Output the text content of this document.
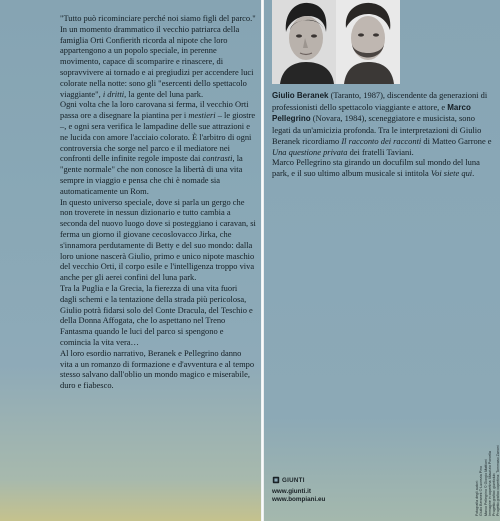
"Tutto può ricominciare perché noi siamo figli del parco." In un momento drammatico il vecchio patriarca della famiglia Orti Confierith ricorda al nipote che loro appartengono a un popolo speciale, in perenne movimento, capace di scomparire e rinascere, di sopravvivere ai tornado e ai pregiudizi per accendere luci colorate nella notte: sono gli "esercenti dello spettacolo viaggiante", i dritti, la gente del luna park.

Ogni volta che la loro carovana si ferma, il vecchio Orti passa ore a disegnare la piantina per i mestieri – le giostre –, e ogni sera verifica le lampadine delle sue attrazioni e ne lucida con amore l'acciaio colorato. È l'arbitro di ogni controversia che sorge nel parco e il mediatore nei confronti delle infinite regole imposte dai contrasti, la "gente normale" che non conosce la libertà di una vita sempre in viaggio e pensa che chi è nomade sia automaticamente un Rom.

In questo universo speciale, dove si parla un gergo che non troverete in nessun dizionario e tutto cambia a seconda del nuovo luogo dove si posteggiano i caravan, si ferma un giorno il giovane cecoslovacco Jirka, che s'innamora perdutamente di Betty e del suo mondo: dalla loro unione nascerà Giulio, primo e unico nipote maschio del vecchio Orti, il corpo esile e l'intelligenza troppo viva anche per gli aerei confini del luna park.

Tra la Puglia e la Grecia, la fierezza di una vita fuori dagli schemi e la tentazione della strada più pericolosa, Giulio potrà fidarsi solo del Conte Dracula, del Teschio e della Donna Affogata, che lo aspettano nel Treno Fantasma quando le luci del parco si spengono e comincia la vita vera…

Al loro esordio narrativo, Beranek e Pellegrino danno vita a un romanzo di formazione e d'avventura e al tempo stesso salvano dall'oblio un mondo magico e miserabile, duro e fiabesco.

Giulio Beranek (Taranto, 1987), discendente da generazioni di professionisti dello spettacolo viaggiante e attore, e Marco Pellegrino (Novara, 1984), sceneggiatore e musicista, sono legati da un'amicizia profonda. Tra le interpretazioni di Giulio Beranek ricordiamo Il racconto dei racconti di Matteo Garrone e Una questione privata dei fratelli Taviani.
Marco Pellegrino sta girando un docufilm sul mondo del luna park, e il suo ultimo album musicale si intitola Voi siete qui.
GIUNTI
www.giunti.it
www.bompiani.eu	Fotografia degli autori: Giulio Beranek © Lucrezia Pino Marco Pellegrino © Giorgio Mattioni Immagine in copertina: Maurizio Porcella Progetto grafico: giunticlub Progetto grafico copertina: Tommaso Zanoni
